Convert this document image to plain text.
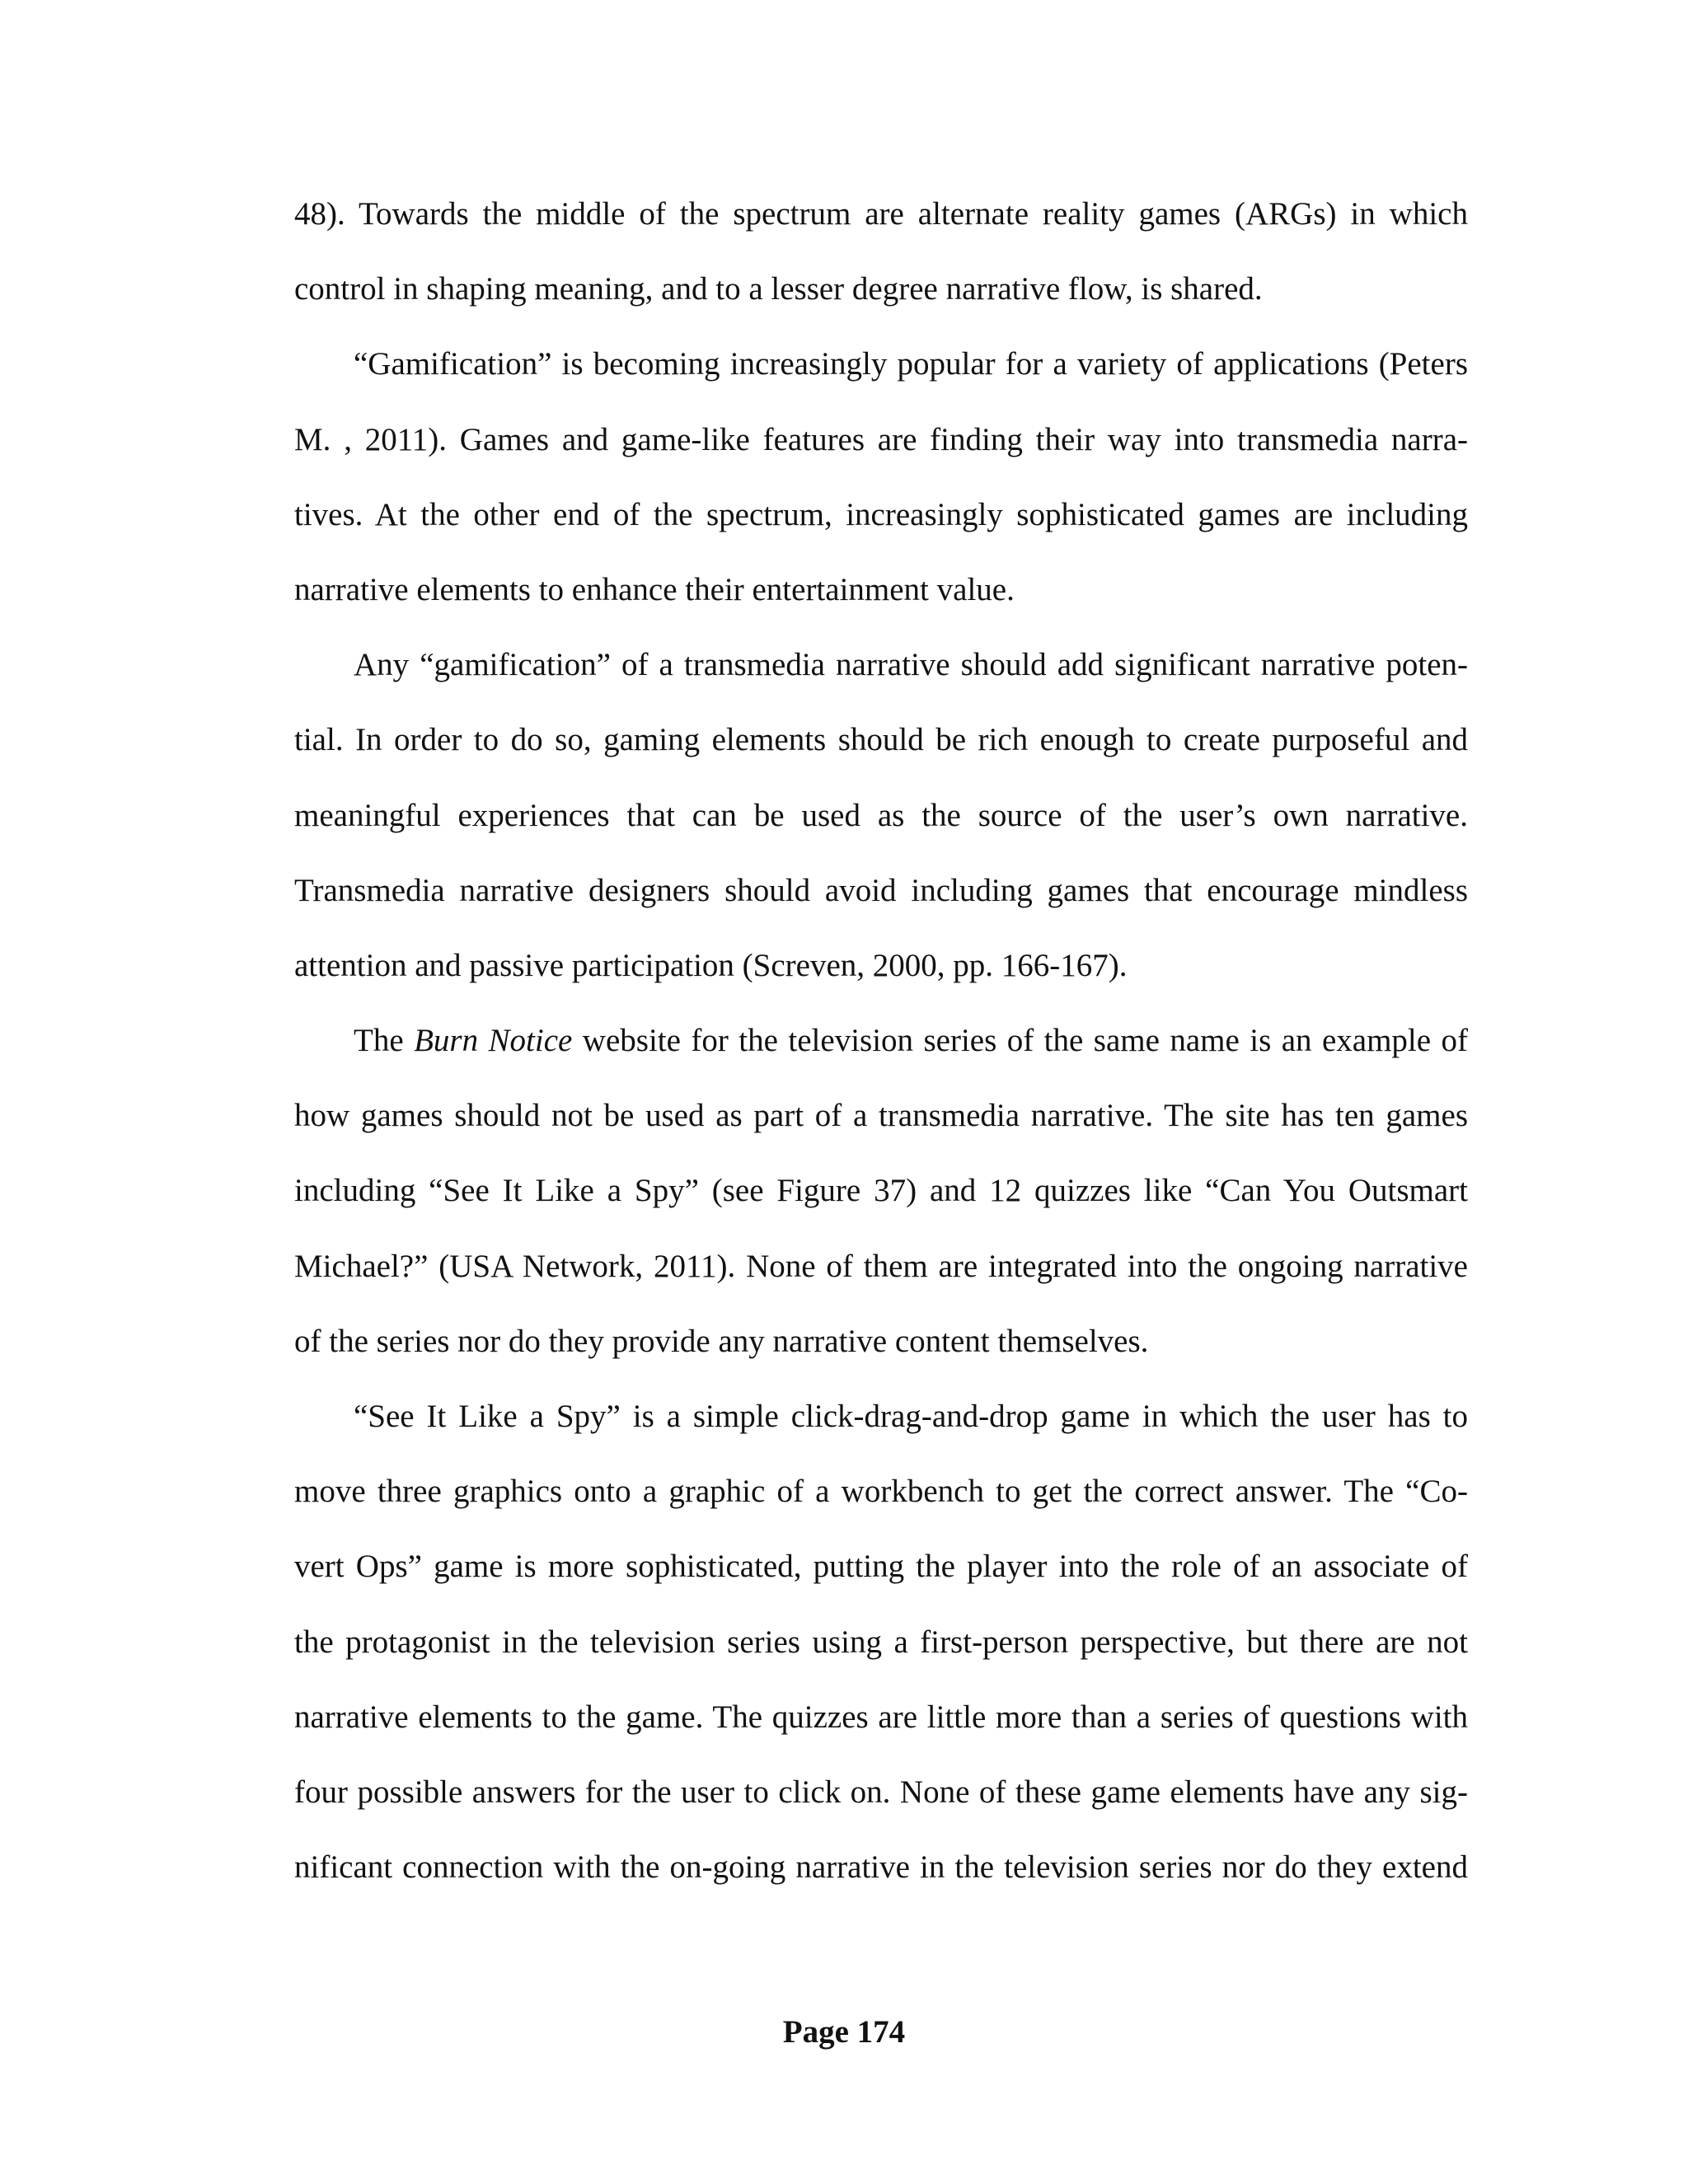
48). Towards the middle of the spectrum are alternate reality games (ARGs) in which
control in shaping meaning, and to a lesser degree narrative flow, is shared.
“Gamification” is becoming increasingly popular for a variety of applications (Peters
M. , 2011). Games and game-like features are finding their way into transmedia narra-
tives. At the other end of the spectrum, increasingly sophisticated games are including
narrative elements to enhance their entertainment value.
Any “gamification” of a transmedia narrative should add significant narrative poten-
tial. In order to do so, gaming elements should be rich enough to create purposeful and
meaningful experiences that can be used as the source of the user’s own narrative.
Transmedia narrative designers should avoid including games that encourage mindless
attention and passive participation (Screven, 2000, pp. 166-167).
The Burn Notice website for the television series of the same name is an example of
how games should not be used as part of a transmedia narrative. The site has ten games
including “See It Like a Spy” (see Figure 37) and 12 quizzes like “Can You Outsmart
Michael?” (USA Network, 2011). None of them are integrated into the ongoing narrative
of the series nor do they provide any narrative content themselves.
“See It Like a Spy” is a simple click-drag-and-drop game in which the user has to
move three graphics onto a graphic of a workbench to get the correct answer. The “Co-
vert Ops” game is more sophisticated, putting the player into the role of an associate of
the protagonist in the television series using a first-person perspective, but there are not
narrative elements to the game. The quizzes are little more than a series of questions with
four possible answers for the user to click on. None of these game elements have any sig-
nificant connection with the on-going narrative in the television series nor do they extend
Page 174
